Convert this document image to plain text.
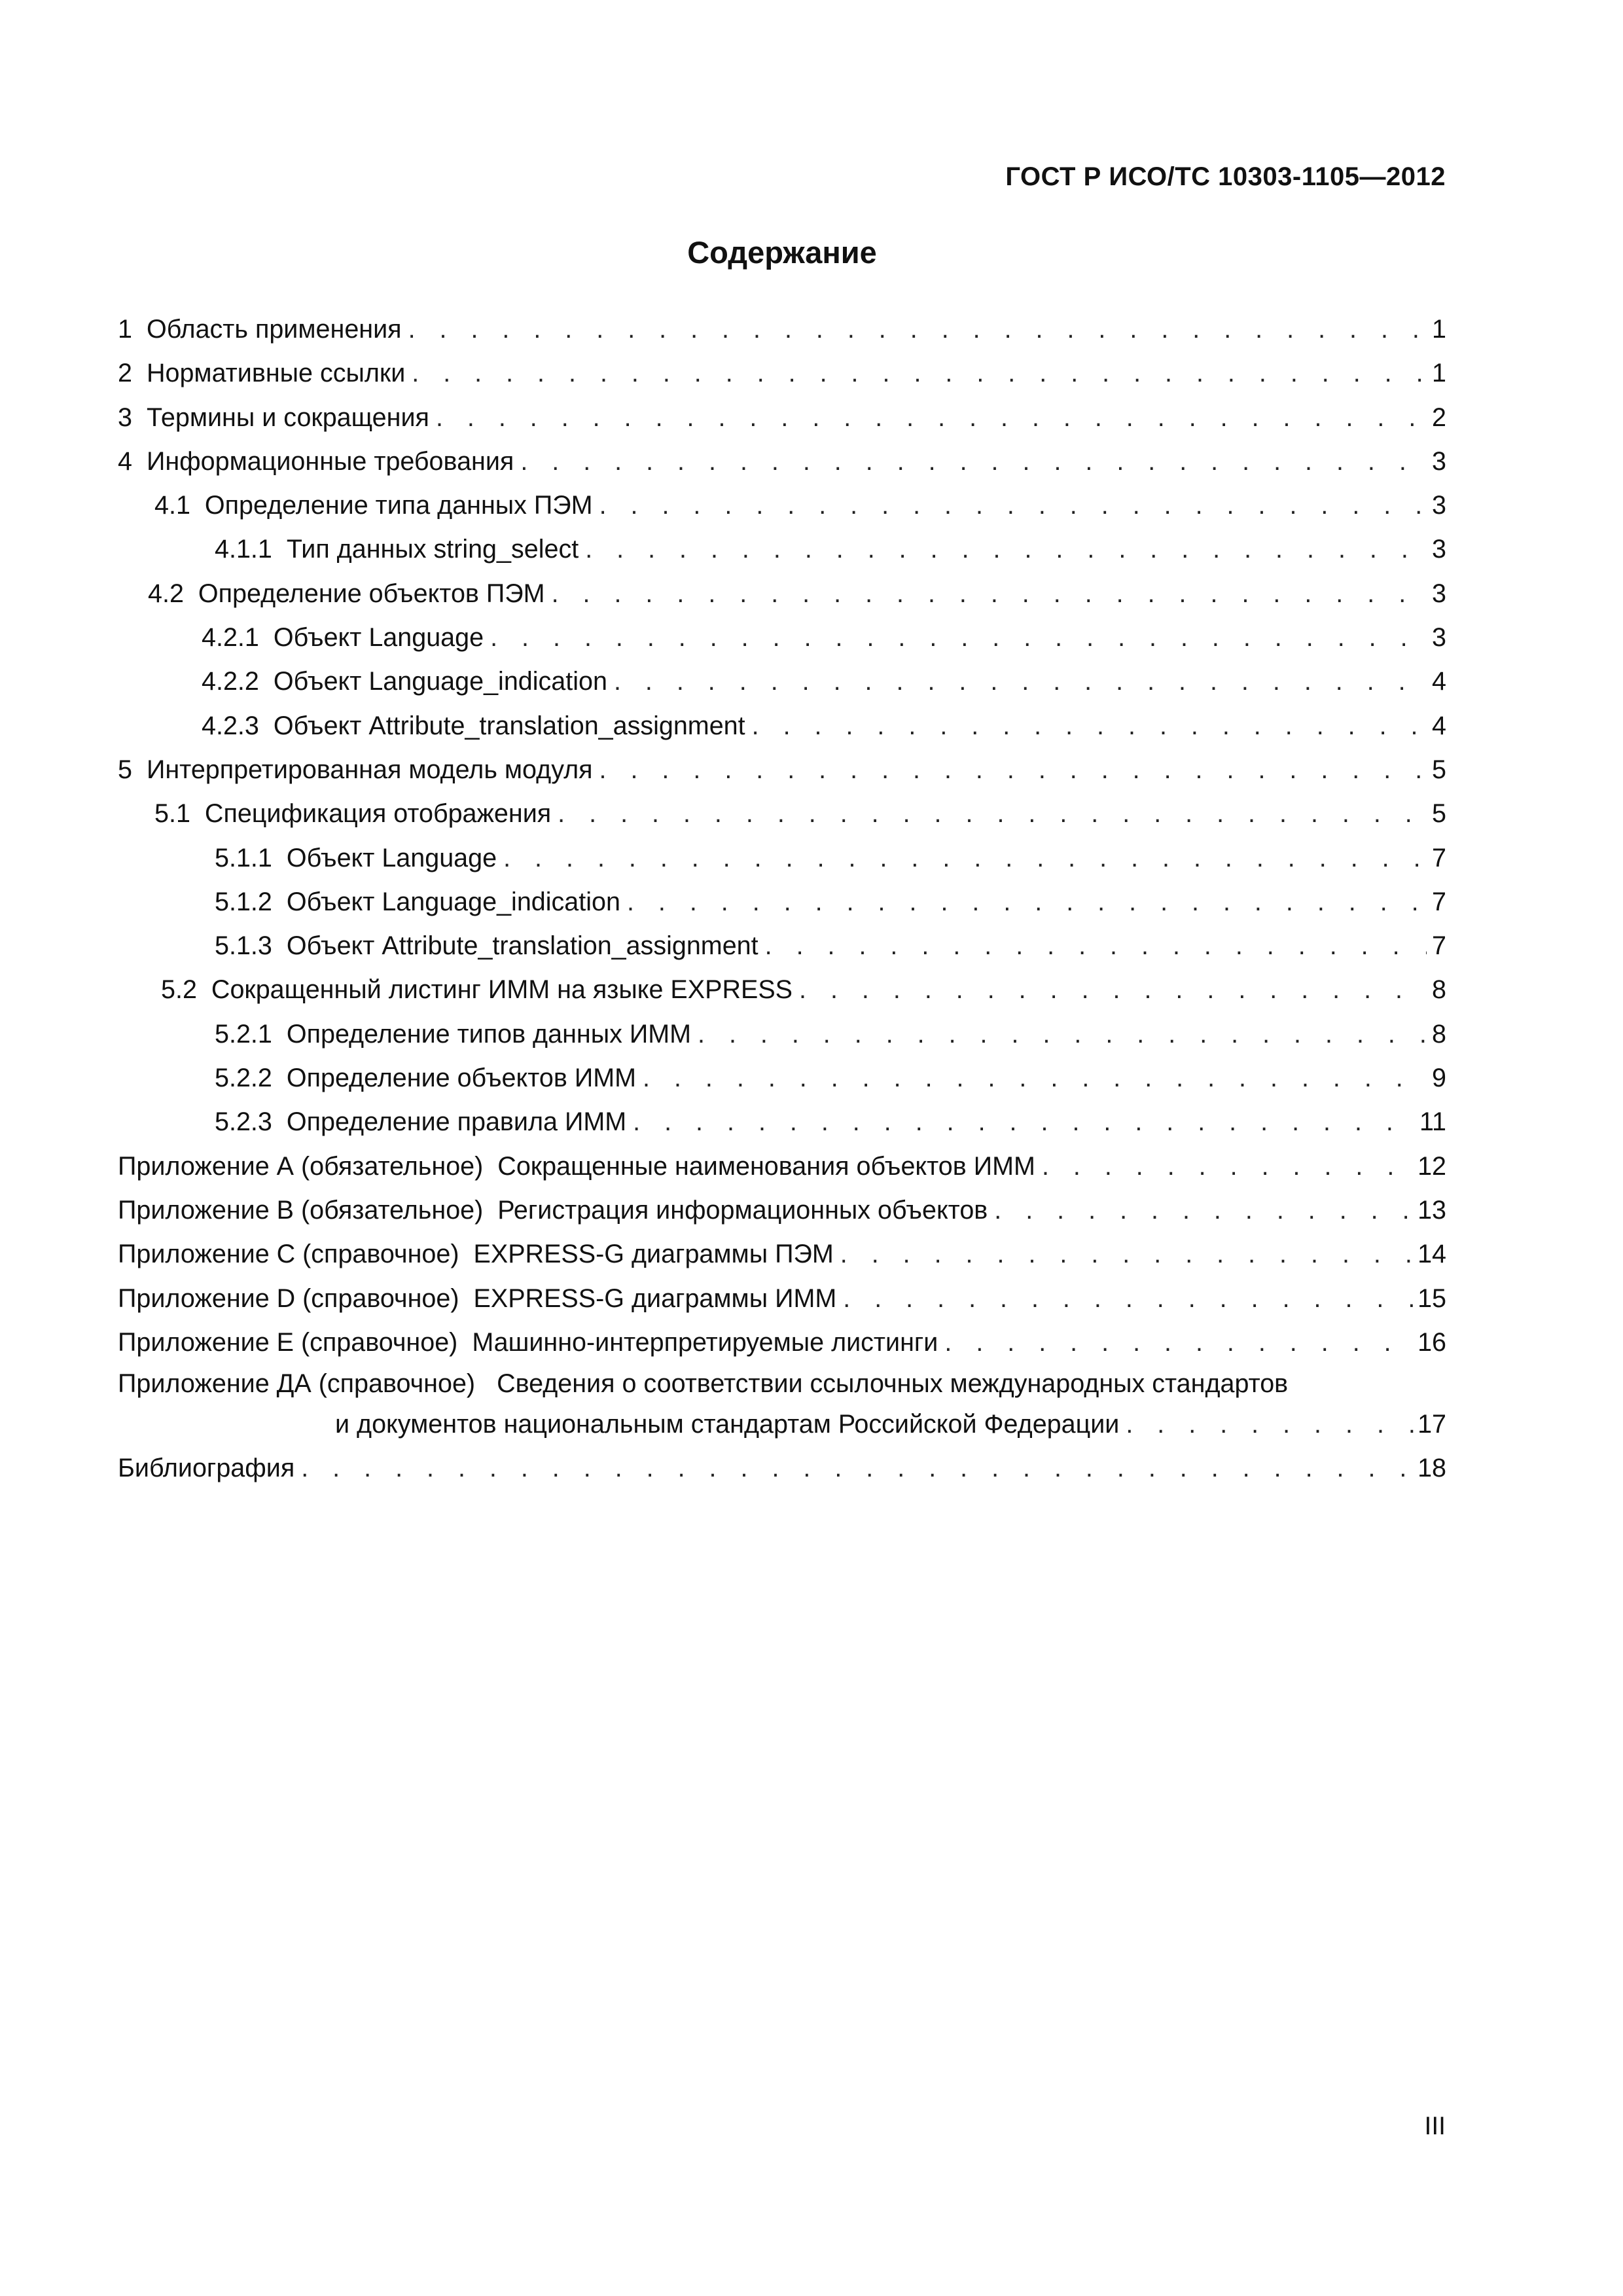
ГОСТ Р ИСО/ТС 10303-1105—2012
Содержание
1 Область применения . . .	1
2 Нормативные ссылки . . .	1
3 Термины и сокращения . . .	2
4 Информационные требования . . .	3
4.1 Определение типа данных ПЭМ . . .	3
4.1.1 Тип данных string_select . . .	3
4.2 Определение объектов ПЭМ . . .	3
4.2.1 Объект Language . . .	3
4.2.2 Объект Language_indication . . .	4
4.2.3 Объект Attribute_translation_assignment . . .	4
5 Интерпретированная модель модуля . . .	5
5.1 Спецификация отображения . . .	5
5.1.1 Объект Language . . .	7
5.1.2 Объект Language_indication . . .	7
5.1.3 Объект Attribute_translation_assignment . . .	7
5.2 Сокращенный листинг ИММ на языке EXPRESS . . .	8
5.2.1 Определение типов данных ИММ . . .	8
5.2.2 Определение объектов ИММ . . .	9
5.2.3 Определение правила ИММ . . .	11
Приложение А (обязательное) Сокращенные наименования объектов ИММ . . .	12
Приложение В (обязательное) Регистрация информационных объектов . . .	13
Приложение С (справочное) EXPRESS-G диаграммы ПЭМ . . .	14
Приложение D (справочное) EXPRESS-G диаграммы ИММ . . .	15
Приложение Е (справочное) Машинно-интерпретируемые листинги . . .	16
Приложение ДА (справочное) Сведения о соответствии ссылочных международных стандартов
и документов национальным стандартам Российской Федерации . . .	17
Библиография . . .	18
III
